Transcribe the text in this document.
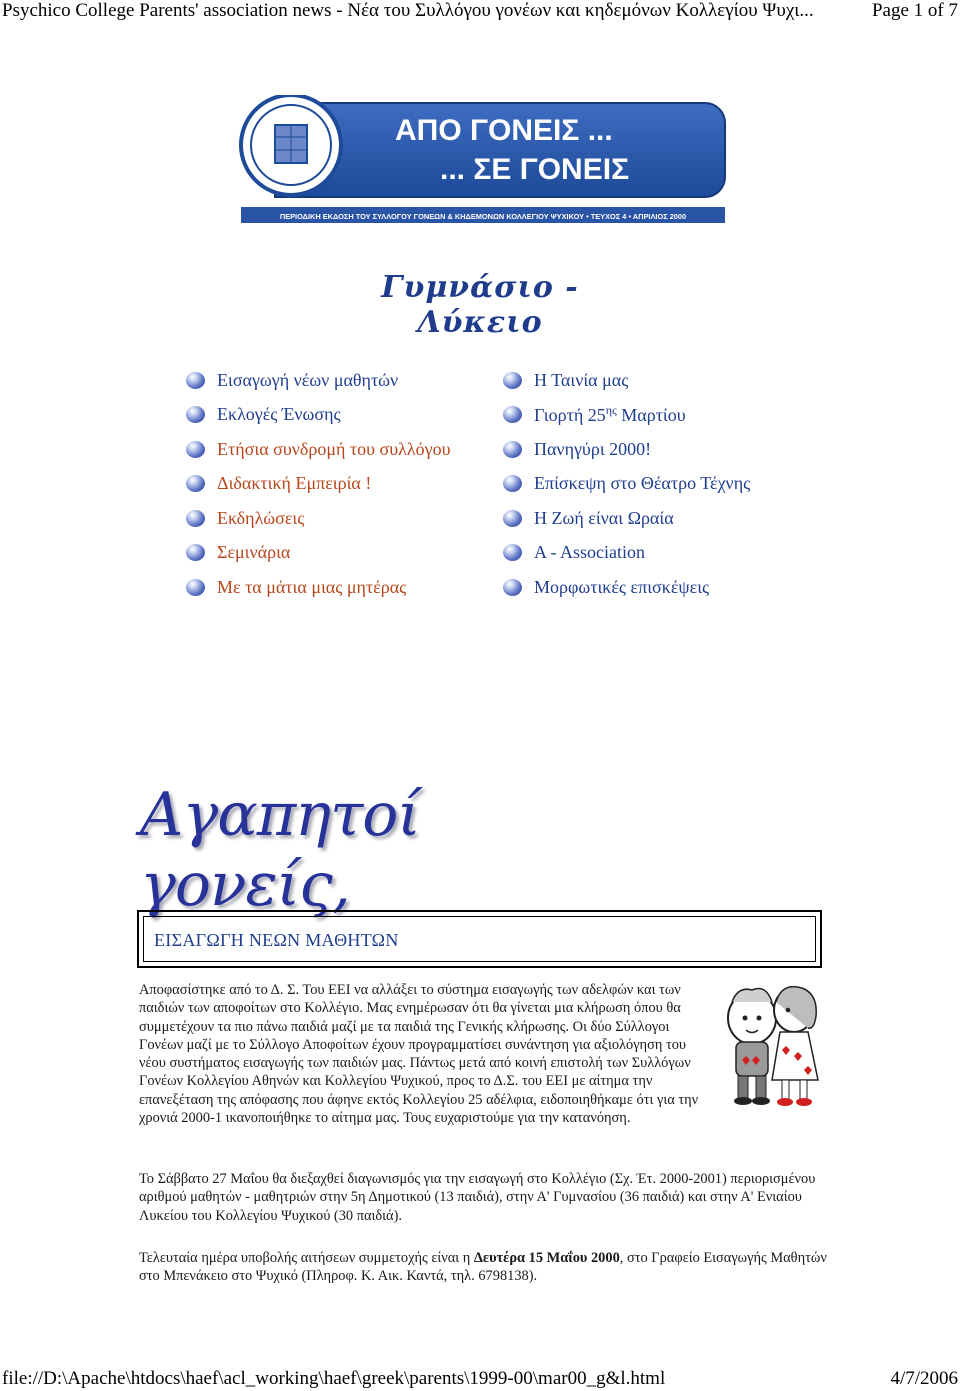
Psychico College Parents' association news - Νέα του Συλλόγου γονέων και κηδεμόνων Κολλεγίου Ψυχι...	Page 1 of 7
ΑΠΟ ΓΟΝΕΙΣ ...
... ΣΕ ΓΟΝΕΙΣ
ΠΕΡΙΟΔΙΚΗ ΕΚΔΟΣΗ ΤΟΥ ΣΥΛΛΟΓΟΥ ΓΟΝΕΩΝ & ΚΗΔΕΜΟΝΩΝ ΚΟΛΛΕΓΙΟΥ ΨΥΧΙΚΟΥ • ΤΕΥΧΟΣ 4 • ΑΠΡΙΛΙΟΣ 2000
Γυμνάσιο - Λύκειο
Εισαγωγή νέων μαθητών
Εκλογές Ένωσης
Ετήσια συνδρομή του συλλόγου
Διδακτική Εμπειρία !
Εκδηλώσεις
Σεμινάρια
Με τα μάτια μιας μητέρας
Η Ταινία μας
Γιορτή $25^{\eta\varsigma}$ Μαρτίου
Πανηγύρι 2000!
Επίσκεψη στο Θέατρο Τέχνης
Η Ζωή είναι Ωραία
A - Association
Μορφωτικές επισκέψεις
Αγαπητοί γονείς,
ΕΙΣΑΓΩΓΗ ΝΕΩΝ ΜΑΘΗΤΩΝ

Αποφασίστηκε από το Δ. Σ. Του ΕΕΙ να αλλάξει το σύστημα εισαγωγής των αδελφών και των παιδιών των αποφοίτων στο Κολλέγιο. Μας ενημέρωσαν ότι θα γίνεται μια κλήρωση όπου θα συμμετέχουν τα πιο πάνω παιδιά μαζί με τα παιδιά της Γενικής κλήρωσης. Οι δύο Σύλλογοι Γονέων μαζί με το Σύλλογο Αποφοίτων έχουν προγραμματίσει συνάντηση για αξιολόγηση του νέου συστήματος εισαγωγής των παιδιών μας. Πάντως μετά από κοινή επιστολή των Συλλόγων Γονέων Κολλεγίου Αθηνών και Κολλεγίου Ψυχικού, προς το Δ.Σ. του ΕΕΙ με αίτημα την επανεξέταση της απόφασης που άφηνε εκτός Κολλεγίου 25 αδέλφια, ειδοποιηθήκαμε ότι για την χρονιά 2000-1 ικανοποιήθηκε το αίτημα μας. Τους ευχαριστούμε για την κατανόηση.

Το Σάββατο 27 Μαΐου θα διεξαχθεί διαγωνισμός για την εισαγωγή στο Κολλέγιο (Σχ. Έτ. 2000-2001) περιορισμένου αριθμού μαθητών - μαθητριών στην 5η Δημοτικού (13 παιδιά), στην Α' Γυμνασίου (36 παιδιά) και στην Α' Ενιαίου Λυκείου του Κολλεγίου Ψυχικού (30 παιδιά).

Τελευταία ημέρα υποβολής αιτήσεων συμμετοχής είναι η Δευτέρα 15 Μαΐου 2000, στο Γραφείο Εισαγωγής Μαθητών στο Μπενάκειο στο Ψυχικό (Πληροφ. Κ. Αικ. Καντά, τηλ. 6798138).

file://D:\Apache\htdocs\haef\acl_working\haef\greek\parents\1999-00\mar00_g&l.html	4/7/2006
